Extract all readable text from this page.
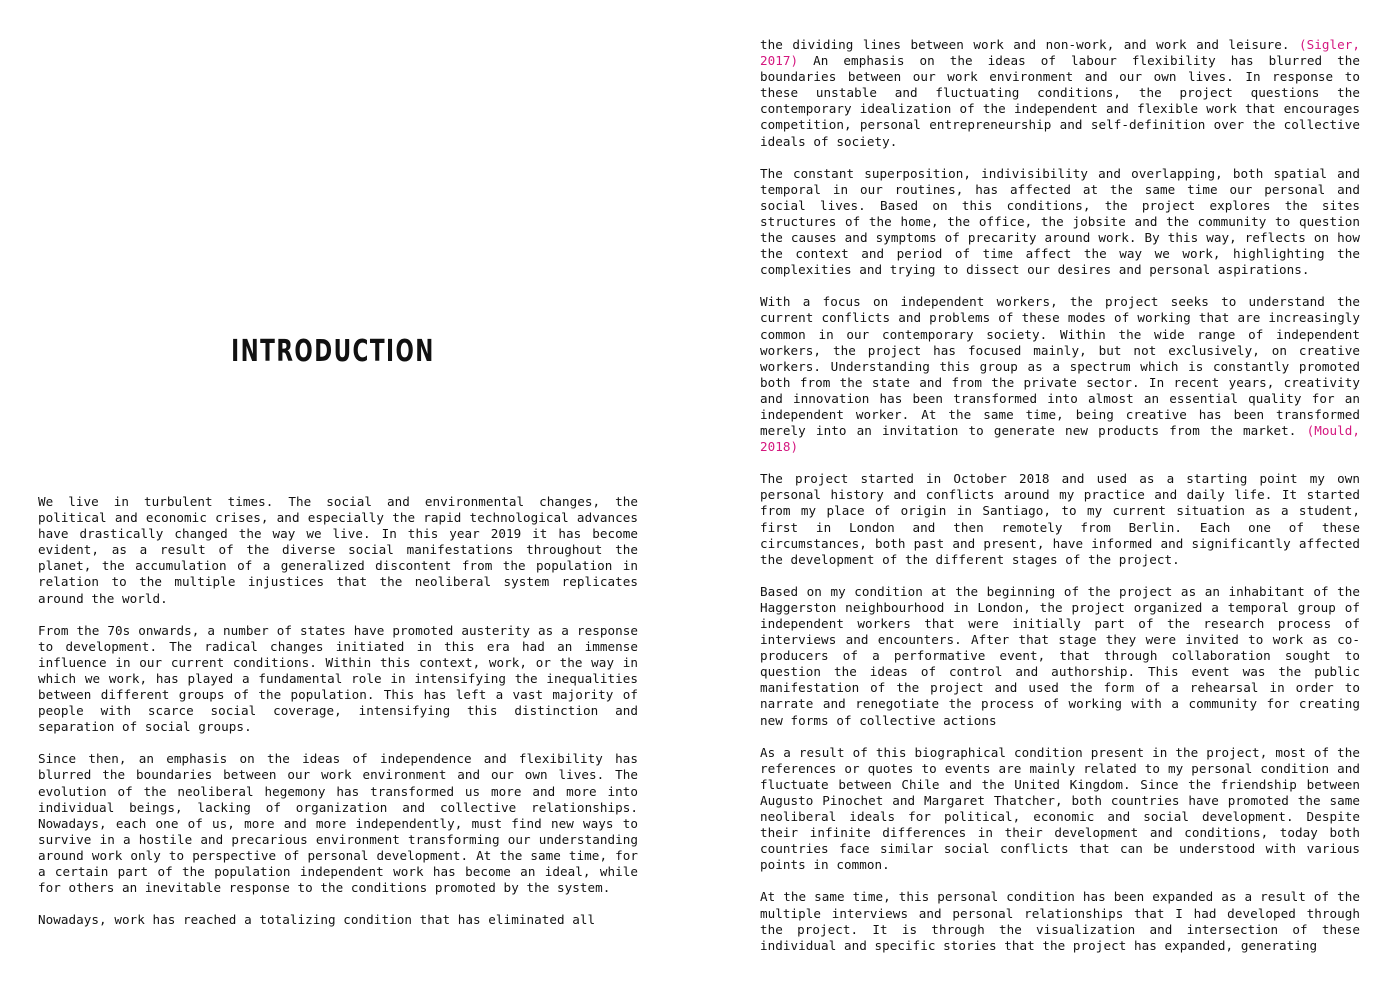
INTRODUCTION

We live in turbulent times. The social and environmental changes, the political and economic crises, and especially the rapid technological advances have drastically changed the way we live. In this year 2019 it has become evident, as a result of the diverse social manifestations throughout the planet, the accumulation of a generalized discontent from the population in relation to the multiple injustices that the neoliberal system replicates around the world.

From the 70s onwards, a number of states have promoted austerity as a response to development. The radical changes initiated in this era had an immense influence in our current conditions. Within this context, work, or the way in which we work, has played a fundamental role in intensifying the inequalities between different groups of the population. This has left a vast majority of people with scarce social coverage, intensifying this distinction and separation of social groups.

Since then, an emphasis on the ideas of independence and flexibility has blurred the boundaries between our work environment and our own lives. The evolution of the neoliberal hegemony has transformed us more and more into individual beings, lacking of organization and collective relationships. Nowadays, each one of us, more and more independently, must find new ways to survive in a hostile and precarious environment transforming our understanding around work only to perspective of personal development. At the same time, for a certain part of the population independent work has become an ideal, while for others an inevitable response to the conditions promoted by the system.

Nowadays, work has reached a totalizing condition that has eliminated all

the dividing lines between work and non-work, and work and leisure. (Sigler, 2017) An emphasis on the ideas of labour flexibility has blurred the boundaries between our work environment and our own lives. In response to these unstable and fluctuating conditions, the project questions the contemporary idealization of the independent and flexible work that encourages competition, personal entrepreneurship and self-definition over the collective ideals of society.

The constant superposition, indivisibility and overlapping, both spatial and temporal in our routines, has affected at the same time our personal and social lives. Based on this conditions, the project explores the sites structures of the home, the office, the jobsite and the community to question the causes and symptoms of precarity around work. By this way, reflects on how the context and period of time affect the way we work, highlighting the complexities and trying to dissect our desires and personal aspirations.

With a focus on independent workers, the project seeks to understand the current conflicts and problems of these modes of working that are increasingly common in our contemporary society. Within the wide range of independent workers, the project has focused mainly, but not exclusively, on creative workers. Understanding this group as a spectrum which is constantly promoted both from the state and from the private sector. In recent years, creativity and innovation has been transformed into almost an essential quality for an independent worker. At the same time, being creative has been transformed merely into an invitation to generate new products from the market. (Mould, 2018)

The project started in October 2018 and used as a starting point my own personal history and conflicts around my practice and daily life. It started from my place of origin in Santiago, to my current situation as a student, first in London and then remotely from Berlin. Each one of these circumstances, both past and present, have informed and significantly affected the development of the different stages of the project.

Based on my condition at the beginning of the project as an inhabitant of the Haggerston neighbourhood in London, the project organized a temporal group of independent workers that were initially part of the research process of interviews and encounters. After that stage they were invited to work as co-producers of a performative event, that through collaboration sought to question the ideas of control and authorship. This event was the public manifestation of the project and used the form of a rehearsal in order to narrate and renegotiate the process of working with a community for creating new forms of collective actions

As a result of this biographical condition present in the project, most of the references or quotes to events are mainly related to my personal condition and fluctuate between Chile and the United Kingdom. Since the friendship between Augusto Pinochet and Margaret Thatcher, both countries have promoted the same neoliberal ideals for political, economic and social development. Despite their infinite differences in their development and conditions, today both countries face similar social conflicts that can be understood with various points in common.

At the same time, this personal condition has been expanded as a result of the multiple interviews and personal relationships that I had developed through the project. It is through the visualization and intersection of these individual and specific stories that the project has expanded, generating
